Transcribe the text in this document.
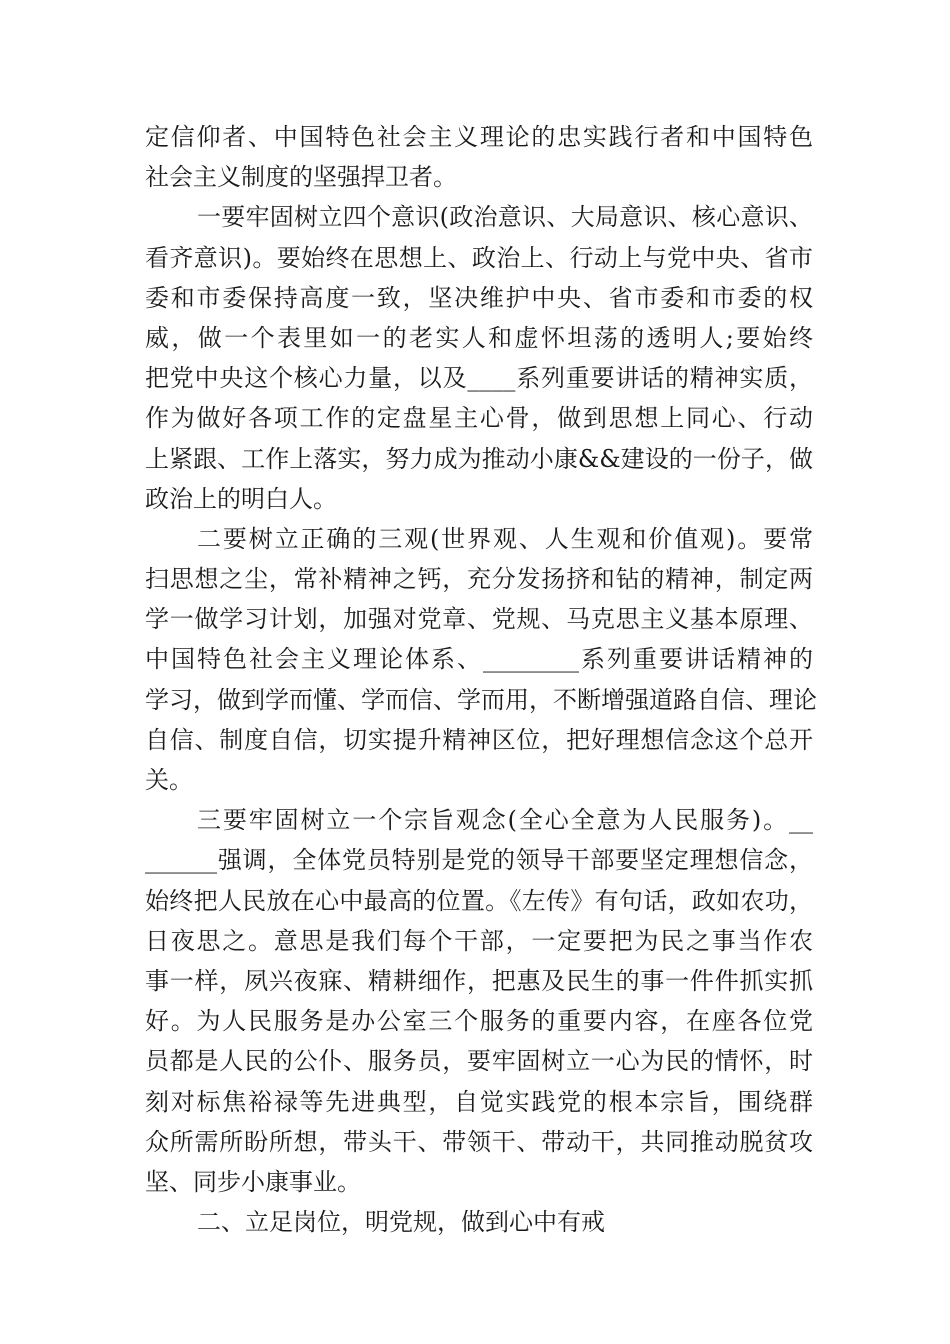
定信仰者、中国特色社会主义理论的忠实践行者和中国特色
社会主义制度的坚强捍卫者。
一要牢固树立四个意识(政治意识、大局意识、核心意识、
看齐意识)。要始终在思想上、政治上、行动上与党中央、省市
委和市委保持高度一致，坚决维护中央、省市委和市委的权
威，做一个表里如一的老实人和虚怀坦荡的透明人;要始终
把党中央这个核心力量，以及____系列重要讲话的精神实质，
作为做好各项工作的定盘星主心骨，做到思想上同心、行动
上紧跟、工作上落实，努力成为推动小康&&建设的一份子，做
政治上的明白人。
二要树立正确的三观(世界观、人生观和价值观)。要常
扫思想之尘，常补精神之钙，充分发扬挤和钻的精神，制定两
学一做学习计划，加强对党章、党规、马克思主义基本原理、
中国特色社会主义理论体系、________系列重要讲话精神的
学习，做到学而懂、学而信、学而用，不断增强道路自信、理论
自信、制度自信，切实提升精神区位，把好理想信念这个总开
关。
三要牢固树立一个宗旨观念(全心全意为人民服务)。__
______强调，全体党员特别是党的领导干部要坚定理想信念，
始终把人民放在心中最高的位置。《左传》有句话，政如农功，
日夜思之。意思是我们每个干部，一定要把为民之事当作农
事一样，夙兴夜寐、精耕细作，把惠及民生的事一件件抓实抓
好。为人民服务是办公室三个服务的重要内容，在座各位党
员都是人民的公仆、服务员，要牢固树立一心为民的情怀，时
刻对标焦裕禄等先进典型，自觉实践党的根本宗旨，围绕群
众所需所盼所想，带头干、带领干、带动干，共同推动脱贫攻
坚、同步小康事业。
二、立足岗位，明党规，做到心中有戒
